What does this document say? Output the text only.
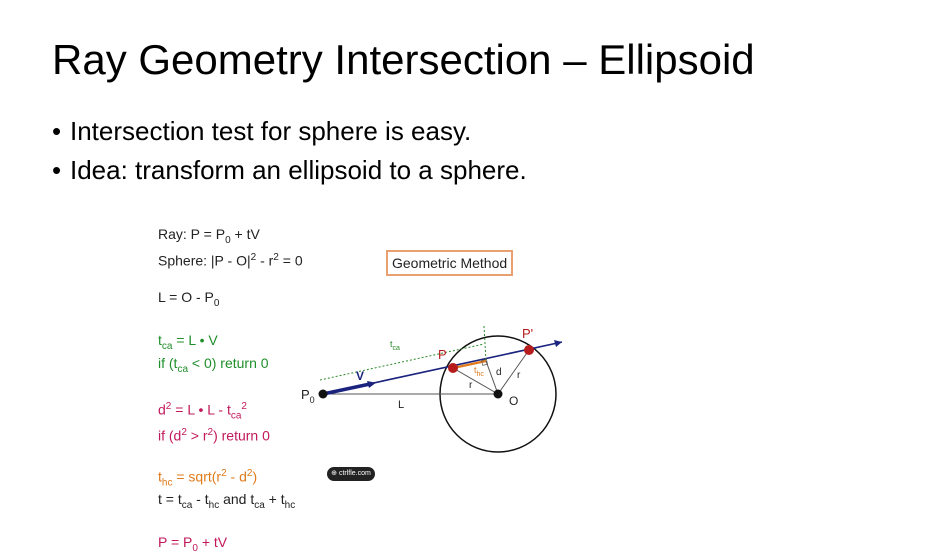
Ray Geometry Intersection – Ellipsoid
• Intersection test for sphere is easy.
• Idea: transform an ellipsoid to a sphere.
Ray: $P = P_0$ + tV
Sphere: $|P - O|^2 - r^2 = 0$
$L = O - P_0$
$t_{ca} = L$ • V
if $(t_{ca} < 0)$ return 0
$d^2 = L$ • L - $t_{ca}^2$
if $(d^2 > r^2)$ return 0
$t_{hc}$ = $sqrt(r^2 - d^2)$
$t = t_{ca} - t_{hc}$ and $t_{ca} + t_{hc}$
$P = P_0$ + tV
Geometric Method
$P_0$
V
L	O
P
P'
$t_{ca}$
$t_{hc}$ d
r
r
⊕ ctrlfle.com
